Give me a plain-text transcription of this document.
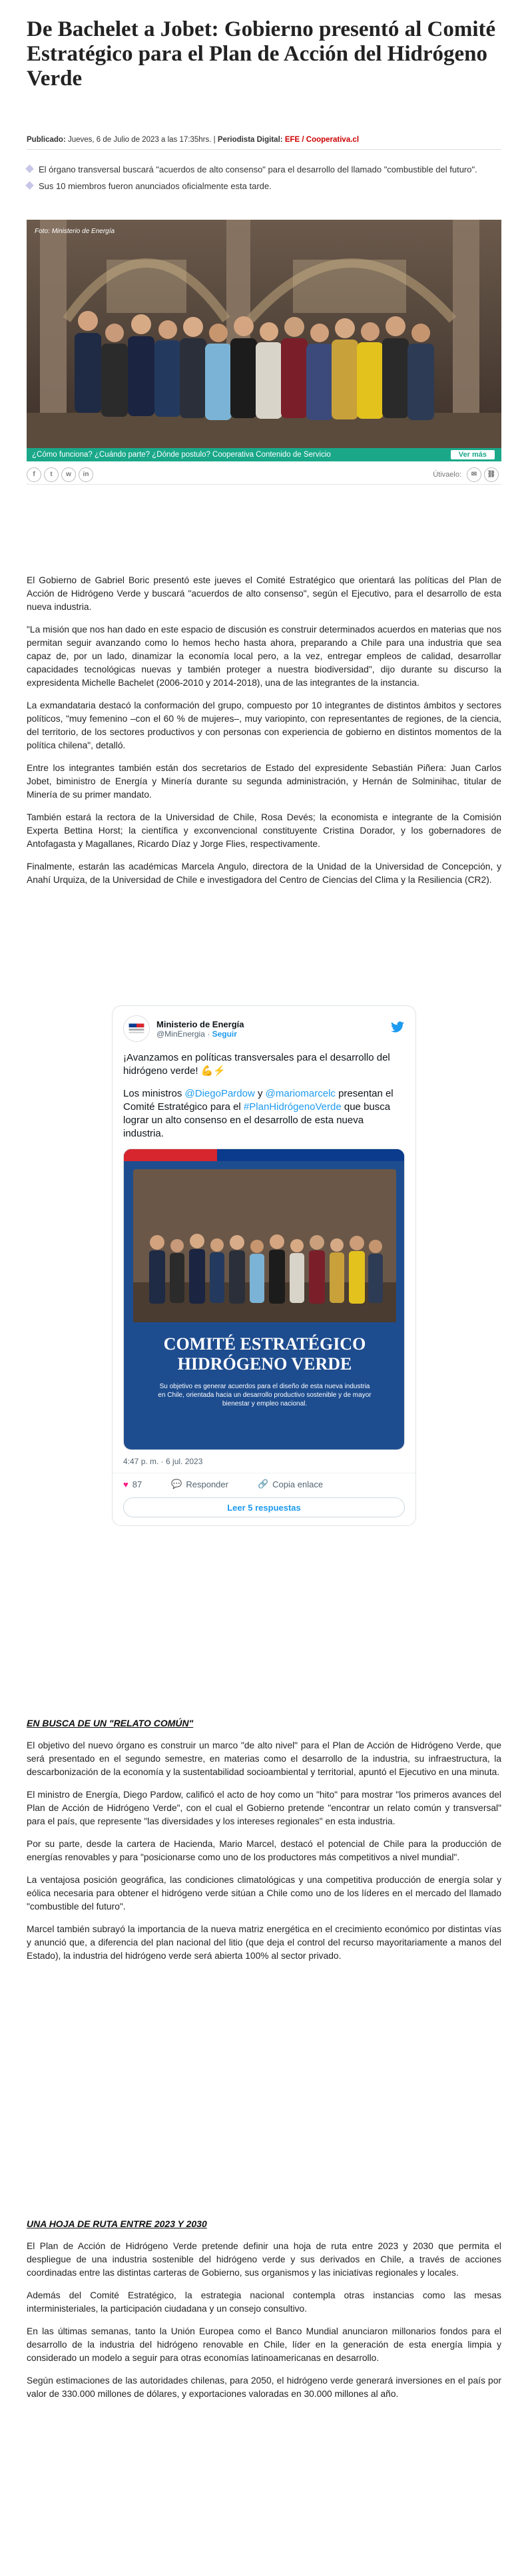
De Bachelet a Jobet: Gobierno presentó al Comité Estratégico para el Plan de Acción del Hidrógeno Verde
Publicado: Jueves, 6 de Julio de 2023 a las 17:35hrs. | Periodista Digital: EFE / Cooperativa.cl
El órgano transversal buscará "acuerdos de alto consenso" para el desarrollo del llamado "combustible del futuro".
Sus 10 miembros fueron anunciados oficialmente esta tarde.
Foto: Ministerio de Energía
¿Cómo funciona? ¿Cuándo parte? ¿Dónde postulo? Cooperativa Contenido de Servicio	Ver más
f	t	w	in	Útivaelo:	✉	⛓

El Gobierno de Gabriel Boric presentó este jueves el Comité Estratégico que orientará las políticas del Plan de Acción de Hidrógeno Verde y buscará "acuerdos de alto consenso", según el Ejecutivo, para el desarrollo de esta nueva industria.

"La misión que nos han dado en este espacio de discusión es construir determinados acuerdos en materias que nos permitan seguir avanzando como lo hemos hecho hasta ahora, preparando a Chile para una industria que sea capaz de, por un lado, dinamizar la economía local pero, a la vez, entregar empleos de calidad, desarrollar capacidades tecnológicas nuevas y también proteger a nuestra biodiversidad", dijo durante su discurso la expresidenta Michelle Bachelet (2006-2010 y 2014-2018), una de las integrantes de la instancia.

La exmandataria destacó la conformación del grupo, compuesto por 10 integrantes de distintos ámbitos y sectores políticos, "muy femenino –con el 60 % de mujeres–, muy variopinto, con representantes de regiones, de la ciencia, del territorio, de los sectores productivos y con personas con experiencia de gobierno en distintos momentos de la política chilena", detalló.

Entre los integrantes también están dos secretarios de Estado del expresidente Sebastián Piñera: Juan Carlos Jobet, biministro de Energía y Minería durante su segunda administración, y Hernán de Solminihac, titular de Minería de su primer mandato.

También estará la rectora de la Universidad de Chile, Rosa Devés; la economista e integrante de la Comisión Experta Bettina Horst; la científica y exconvencional constituyente Cristina Dorador, y los gobernadores de Antofagasta y Magallanes, Ricardo Díaz y Jorge Flies, respectivamente.

Finalmente, estarán las académicas Marcela Angulo, directora de la Unidad de la Universidad de Concepción, y Anahí Urquiza, de la Universidad de Chile e investigadora del Centro de Ciencias del Clima y la Resiliencia (CR2).

Ministerio de Energía
@MinEnergia · Seguir
¡Avanzamos en políticas transversales para el desarrollo del hidrógeno verde! 💪⚡
Los ministros @DiegoPardow y @mariomarcelc presentan el Comité Estratégico para el #PlanHidrógenoVerde que busca lograr un alto consenso en el desarrollo de esta nueva industria.
COMITÉ ESTRATÉGICO
HIDRÓGENO VERDE
Su objetivo es generar acuerdos para el diseño de esta nueva industria en Chile, orientada hacia un desarrollo productivo sostenible y de mayor bienestar y empleo nacional.
4:47 p. m. · 6 jul. 2023
♥ 87	💬 Responder	🔗 Copia enlace
Leer 5 respuestas
EN BUSCA DE UN "RELATO COMÚN"

El objetivo del nuevo órgano es construir un marco "de alto nivel" para el Plan de Acción de Hidrógeno Verde, que será presentado en el segundo semestre, en materias como el desarrollo de la industria, su infraestructura, la descarbonización de la economía y la sustentabilidad socioambiental y territorial, apuntó el Ejecutivo en una minuta.

El ministro de Energía, Diego Pardow, calificó el acto de hoy como un "hito" para mostrar "los primeros avances del Plan de Acción de Hidrógeno Verde", con el cual el Gobierno pretende "encontrar un relato común y transversal" para el país, que represente "las diversidades y los intereses regionales" en esta industria.

Por su parte, desde la cartera de Hacienda, Mario Marcel, destacó el potencial de Chile para la producción de energías renovables y para "posicionarse como uno de los productores más competitivos a nivel mundial".

La ventajosa posición geográfica, las condiciones climatológicas y una competitiva producción de energía solar y eólica necesaria para obtener el hidrógeno verde sitúan a Chile como uno de los líderes en el mercado del llamado "combustible del futuro".

Marcel también subrayó la importancia de la nueva matriz energética en el crecimiento económico por distintas vías y anunció que, a diferencia del plan nacional del litio (que deja el control del recurso mayoritariamente a manos del Estado), la industria del hidrógeno verde será abierta 100% al sector privado.

UNA HOJA DE RUTA ENTRE 2023 Y 2030

El Plan de Acción de Hidrógeno Verde pretende definir una hoja de ruta entre 2023 y 2030 que permita el despliegue de una industria sostenible del hidrógeno verde y sus derivados en Chile, a través de acciones coordinadas entre las distintas carteras de Gobierno, sus organismos y las iniciativas regionales y locales.

Además del Comité Estratégico, la estrategia nacional contempla otras instancias como las mesas interministeriales, la participación ciudadana y un consejo consultivo.

En las últimas semanas, tanto la Unión Europea como el Banco Mundial anunciaron millonarios fondos para el desarrollo de la industria del hidrógeno renovable en Chile, líder en la generación de esta energía limpia y considerado un modelo a seguir para otras economías latinoamericanas en desarrollo.

Según estimaciones de las autoridades chilenas, para 2050, el hidrógeno verde generará inversiones en el país por valor de 330.000 millones de dólares, y exportaciones valoradas en 30.000 millones al año.
